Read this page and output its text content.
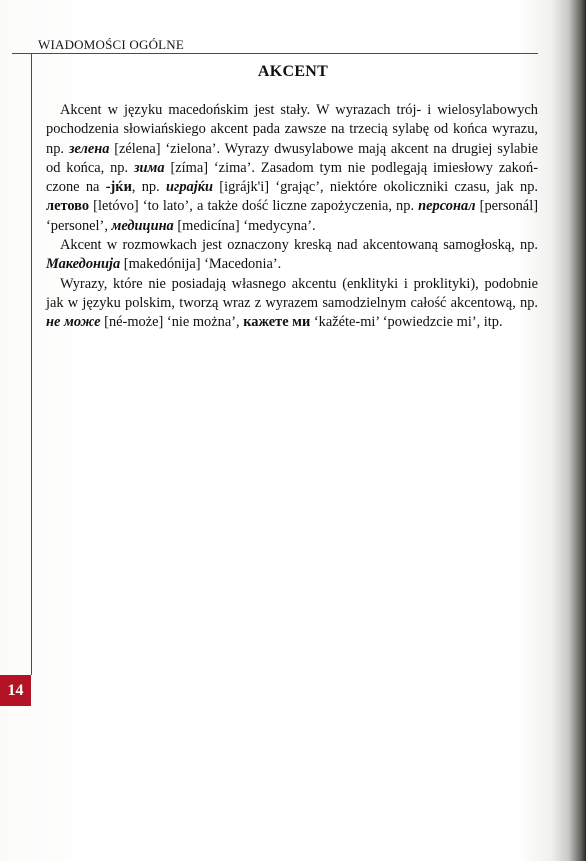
WIADOMOŚCI OGÓLNE
14
AKCENT

Akcent w języku macedońskim jest stały. W wyrazach trój- i wielosylabowych pochodzenia słowiańskiego akcent pada zawsze na trzecią sylabę od końca wyrazu, np. зелена [zélena] ‘zielona’. Wyrazy dwusylabowe mają akcent na drugiej sylabie od końca, np. зима [zíma] ‘zima’. Zasadom tym nie podlegają imiesłowy zakończone na -jќи, np. играјќи [igrájk'i] ‘grając’, niektóre okoliczniki czasu, jak np. летово [letóvo] ‘to lato’, a także dość liczne zapożyczenia, np. персонал [personál] ‘personel’, медицина [medicína] ‘medycyna’.

Akcent w rozmowkach jest oznaczony kreską nad akcentowaną samogłoską, np. Македонија [makedónija] ‘Macedonia’.

Wyrazy, które nie posiadają własnego akcentu (enklityki i proklityki), podobnie jak w języku polskim, tworzą wraz z wyrazem samodzielnym całość akcentową, np. не може [né-może] ‘nie można’, кажете ми ‘kažéte-mi’ ‘powiedzcie mi’, itp.
